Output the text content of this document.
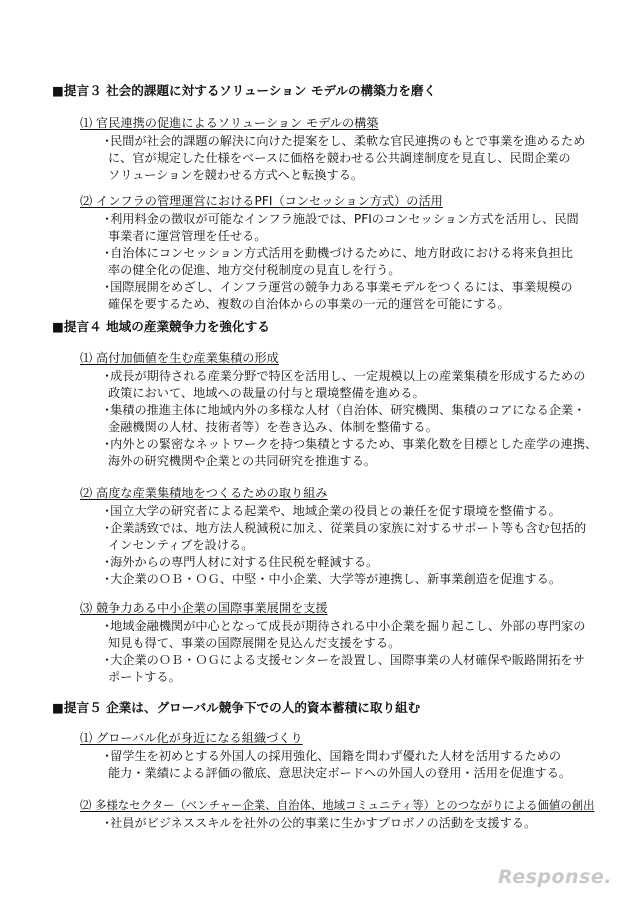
■提言３ 社会的課題に対するソリューション モデルの構築力を磨く
⑴ 官民連携の促進によるソリューション モデルの構築
･民間が社会的課題の解決に向けた提案をし、柔軟な官民連携のもとで事業を進めるため
に、官が規定した仕様をベースに価格を競わせる公共調達制度を見直し、民間企業の
ソリューションを競わせる方式へと転換する。
⑵ インフラの管理運営におけるPFI（コンセッション方式）の活用
･利用料金の徴収が可能なインフラ施設では、PFIのコンセッション方式を活用し、民間
事業者に運営管理を任せる。
･自治体にコンセッション方式活用を動機づけるために、地方財政における将来負担比
率の健全化の促進、地方交付税制度の見直しを行う。
･国際展開をめざし、インフラ運営の競争力ある事業モデルをつくるには、事業規模の
確保を要するため、複数の自治体からの事業の一元的運営を可能にする。
■提言４ 地域の産業競争力を強化する
⑴ 高付加価値を生む産業集積の形成
･成長が期待される産業分野で特区を活用し、一定規模以上の産業集積を形成するための
政策において、地域への裁量の付与と環境整備を進める。
･集積の推進主体に地域内外の多様な人材（自治体、研究機関、集積のコアになる企業・
金融機関の人材、技術者等）を巻き込み、体制を整備する。
･内外との緊密なネットワークを持つ集積とするため、事業化数を目標とした産学の連携、
海外の研究機関や企業との共同研究を推進する。
⑵ 高度な産業集積地をつくるための取り組み
･国立大学の研究者による起業や、地域企業の役員との兼任を促す環境を整備する。
･企業誘致では、地方法人税減税に加え、従業員の家族に対するサポート等も含む包括的
インセンティブを設ける。
･海外からの専門人材に対する住民税を軽減する。
･大企業のＯＢ・ＯＧ、中堅・中小企業、大学等が連携し、新事業創造を促進する。
⑶ 競争力ある中小企業の国際事業展開を支援
･地域金融機関が中心となって成長が期待される中小企業を掘り起こし、外部の専門家の
知見も得て、事業の国際展開を見込んだ支援をする。
･大企業のＯＢ・ＯＧによる支援センターを設置し、国際事業の人材確保や販路開拓をサ
ポートする。
■提言５ 企業は、グローバル競争下での人的資本蓄積に取り組む
⑴ グローバル化が身近になる組織づくり
･留学生を初めとする外国人の採用強化、国籍を問わず優れた人材を活用するための
能力・業績による評価の徹底、意思決定ボードへの外国人の登用・活用を促進する。
⑵ 多様なセクター（ベンチャー企業、自治体、地域コミュニティ等）とのつながりによる価値の創出
･社員がビジネススキルを社外の公的事業に生かすプロボノの活動を支援する。
Response.
